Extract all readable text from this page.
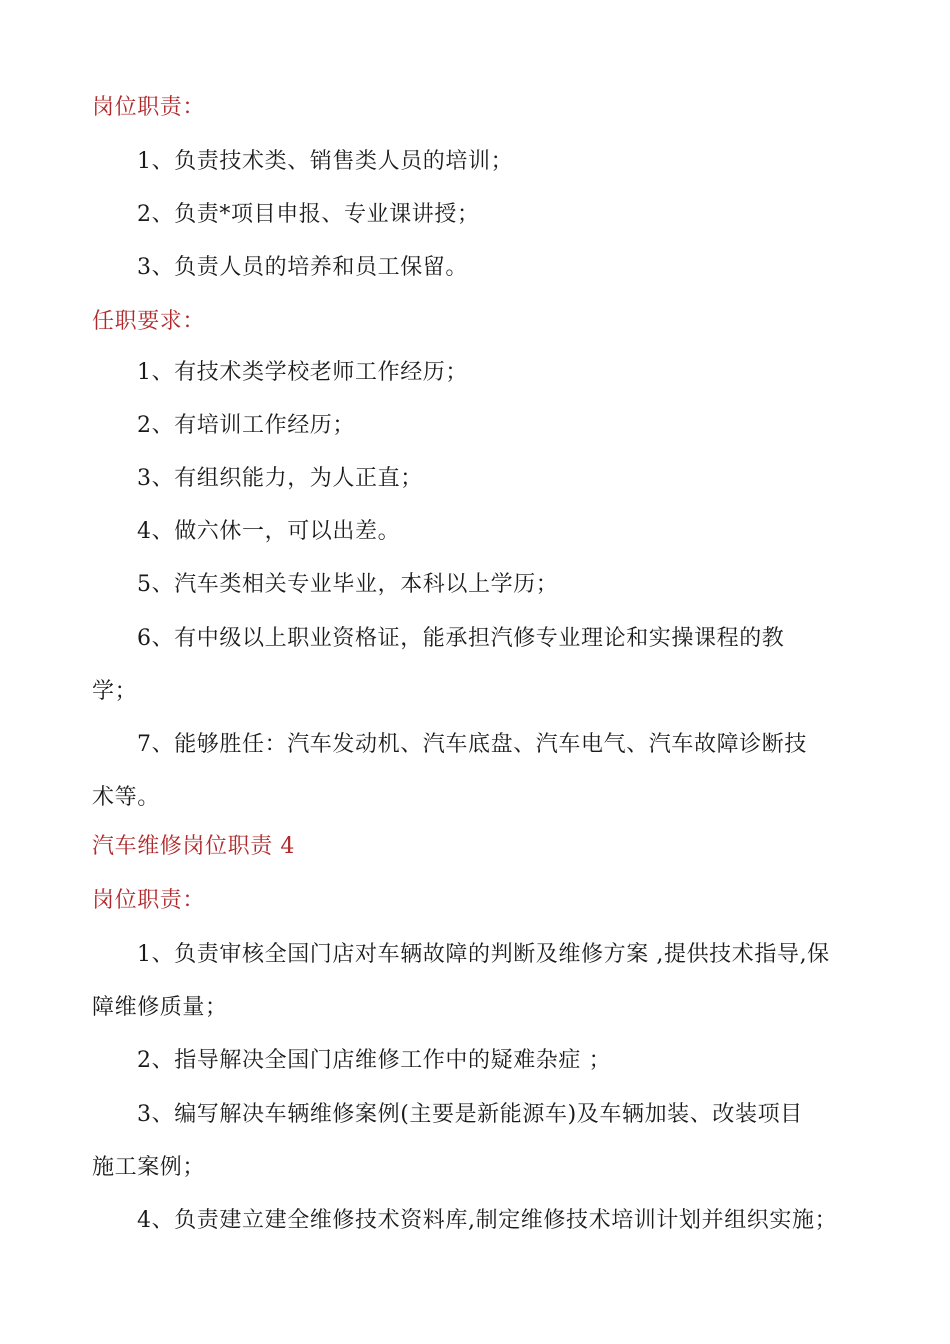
岗位职责：

1、负责技术类、销售类人员的培训；

2、负责*项目申报、专业课讲授；

3、负责人员的培养和员工保留。

任职要求：

1、有技术类学校老师工作经历；

2、有培训工作经历；

3、有组织能力，为人正直；

4、做六休一，可以出差。

5、汽车类相关专业毕业，本科以上学历；

6、有中级以上职业资格证，能承担汽修专业理论和实操课程的教

学；

7、能够胜任：汽车发动机、汽车底盘、汽车电气、汽车故障诊断技

术等。

汽车维修岗位职责 4

岗位职责：

1、负责审核全国门店对车辆故障的判断及维修方案 ,提供技术指导,保

障维修质量；

2、指导解决全国门店维修工作中的疑难杂症 ；

3、编写解决车辆维修案例(主要是新能源车)及车辆加装、改装项目

施工案例；

4、负责建立建全维修技术资料库,制定维修技术培训计划并组织实施；
